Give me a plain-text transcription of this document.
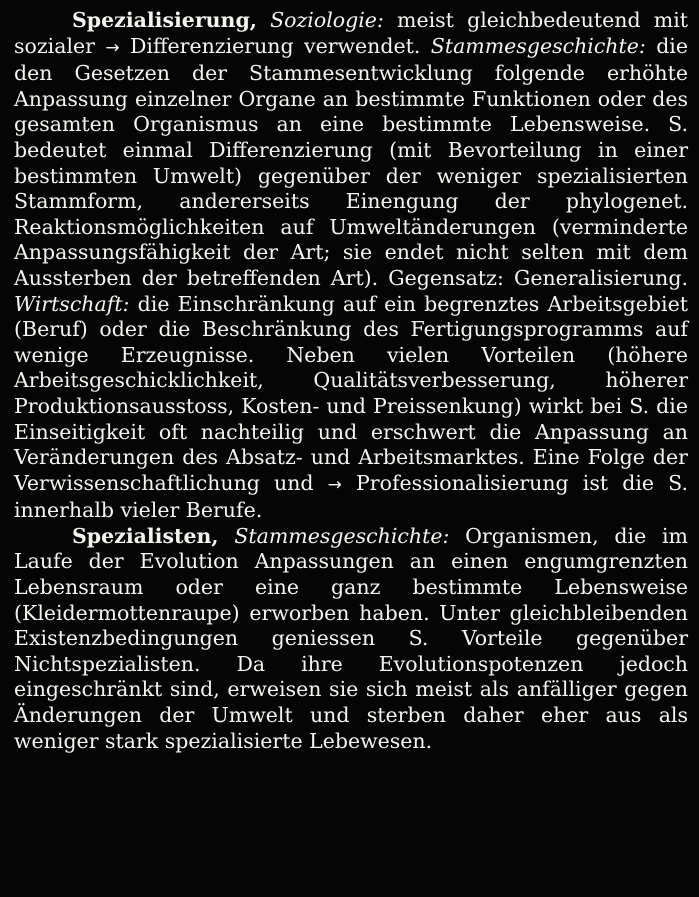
Spezialisierung, Soziologie: meist gleichbedeutend mit sozialer → Differenzierung verwendet. Stammesgeschichte: die den Gesetzen der Stammesentwicklung folgende erhöhte Anpassung einzelner Organe an bestimmte Funktionen oder des gesamten Organismus an eine bestimmte Lebensweise. S. bedeutet einmal Differenzierung (mit Bevorteilung in einer bestimmten Umwelt) gegenüber der weniger spezialisierten Stammform, andererseits Einengung der phylogenet. Reaktionsmöglichkeiten auf Umweltänderungen (verminderte Anpassungsfähigkeit der Art; sie endet nicht selten mit dem Aussterben der betreffenden Art). Gegensatz: Generalisierung. Wirtschaft: die Einschränkung auf ein begrenztes Arbeitsgebiet (Beruf) oder die Beschränkung des Fertigungsprogramms auf wenige Erzeugnisse. Neben vielen Vorteilen (höhere Arbeitsgeschicklichkeit, Qualitätsverbesserung, höherer Produktionsausstoss, Kosten- und Preissenkung) wirkt bei S. die Einseitigkeit oft nachteilig und erschwert die Anpassung an Veränderungen des Absatz- und Arbeitsmarktes. Eine Folge der Verwissenschaftlichung und → Professionalisierung ist die S. innerhalb vieler Berufe.

Spezialisten, Stammesgeschichte: Organismen, die im Laufe der Evolution Anpassungen an einen engumgrenzten Lebensraum oder eine ganz bestimmte Lebensweise (Kleidermottenraupe) erworben haben. Unter gleichbleibenden Existenzbedingungen geniessen S. Vorteile gegenüber Nichtspezialisten. Da ihre Evolutionspotenzen jedoch eingeschränkt sind, erweisen sie sich meist als anfälliger gegen Änderungen der Umwelt und sterben daher eher aus als weniger stark spezialisierte Lebewesen.
